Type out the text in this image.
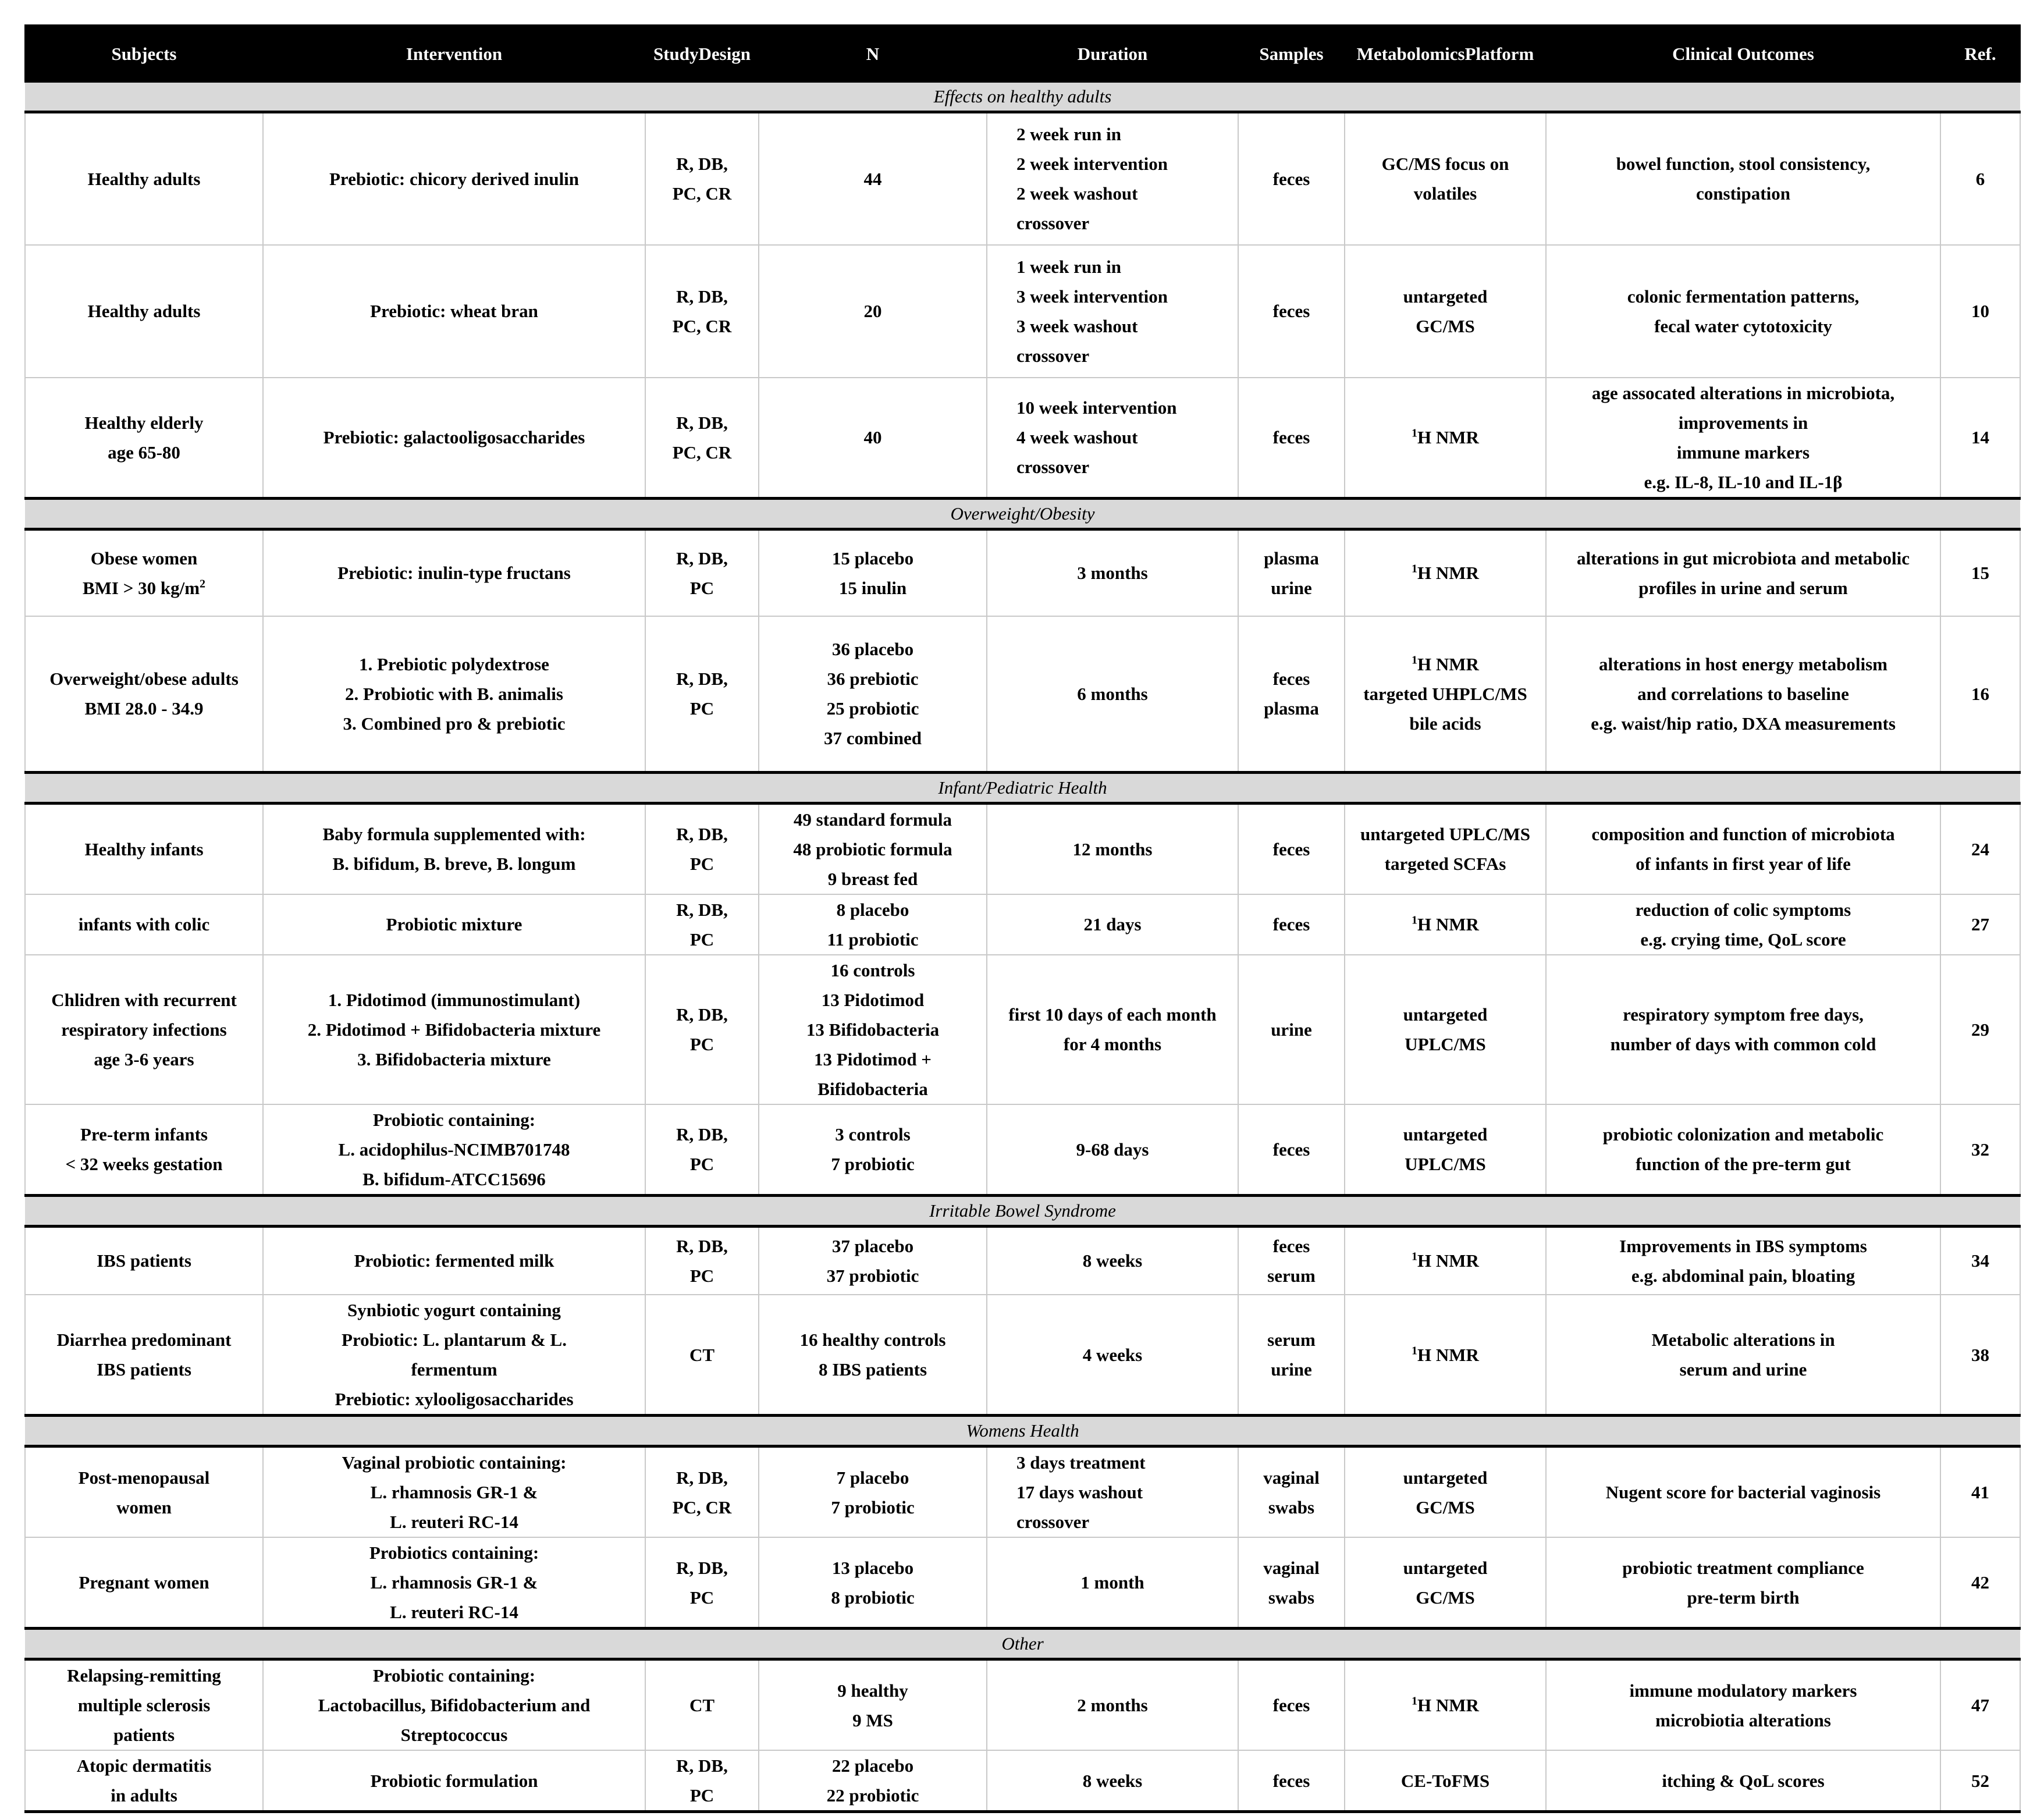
Subjects	Intervention	StudyDesign	N	Duration	Samples	MetabolomicsPlatform	Clinical Outcomes	Ref.
Effects on healthy adults								

Healthy adults	Prebiotic: chicory derived inulin	R, DB,
PC, CR	44	2 week run in
2 week intervention
2 week washout
crossover	feces	GC/MS focus on
volatiles	bowel function, stool consistency,
constipation	6

Healthy adults	Prebiotic: wheat bran	R, DB,
PC, CR	20	1 week run in
3 week intervention
3 week washout
crossover	feces	untargeted
GC/MS	colonic fermentation patterns,
fecal water cytotoxicity	10

Healthy elderly
age 65-80	Prebiotic: galactooligosaccharides	R, DB,
PC, CR	40	10 week intervention
4 week washout
crossover	feces	$^1$H NMR	age assocated alterations in microbiota,
improvements in
immune markers
e.g. IL-8, IL-10 and IL-1β	14

Overweight/Obesity								

Obese women
BMI > 30 $kg/m^2$	Prebiotic: inulin-type fructans	R, DB,
PC	15 placebo
15 inulin	3 months	plasma
urine	$^1$H NMR	alterations in gut microbiota and metabolic
profiles in urine and serum	15

Overweight/obese adults
BMI 28.0 - 34.9	1. Prebiotic polydextrose
2. Probiotic with B. animalis
3. Combined pro & prebiotic	R, DB,
PC	36 placebo
36 prebiotic
25 probiotic
37 combined	6 months	feces
plasma	$^1$H NMR
targeted UHPLC/MS
bile acids	alterations in host energy metabolism
and correlations to baseline
e.g. waist/hip ratio, DXA measurements	16

Infant/Pediatric Health								

Healthy infants	Baby formula supplemented with:
B. bifidum, B. breve, B. longum	R, DB,
PC	49 standard formula
48 probiotic formula
9 breast fed	12 months	feces	untargeted UPLC/MS
targeted SCFAs	composition and function of microbiota
of infants in first year of life	24

infants with colic	Probiotic mixture	R, DB,
PC	8 placebo
11 probiotic	21 days	feces	$^1$H NMR	reduction of colic symptoms
e.g. crying time, QoL score	27

Chlidren with recurrent
respiratory infections
age 3-6 years	1. Pidotimod (immunostimulant)
2. Pidotimod + Bifidobacteria mixture
3. Bifidobacteria mixture	R, DB,
PC	16 controls
13 Pidotimod
13 Bifidobacteria
13 Pidotimod +
Bifidobacteria	first 10 days of each month
for 4 months	urine	untargeted
UPLC/MS	respiratory symptom free days,
number of days with common cold	29

Pre-term infants
< 32 weeks gestation	Probiotic containing:
L. acidophilus-NCIMB701748
B. bifidum-ATCC15696	R, DB,
PC	3 controls
7 probiotic	9-68 days	feces	untargeted
UPLC/MS	probiotic colonization and metabolic
function of the pre-term gut	32

Irritable Bowel Syndrome								

IBS patients	Probiotic: fermented milk	R, DB,
PC	37 placebo
37 probiotic	8 weeks	feces
serum	$^1$H NMR	Improvements in IBS symptoms
e.g. abdominal pain, bloating	34

Diarrhea predominant
IBS patients	Synbiotic yogurt containing
Probiotic: L. plantarum & L.
fermentum
Prebiotic: xylooligosaccharides	CT	16 healthy controls
8 IBS patients	4 weeks	serum
urine	$^1$H NMR	Metabolic alterations in
serum and urine	38

Womens Health								

Post-menopausal
women	Vaginal probiotic containing:
L. rhamnosis GR-1 &
L. reuteri RC-14	R, DB,
PC, CR	7 placebo
7 probiotic	3 days treatment
17 days washout
crossover	vaginal
swabs	untargeted
GC/MS	Nugent score for bacterial vaginosis	41

Pregnant women	Probiotics containing:
L. rhamnosis GR-1 &
L. reuteri RC-14	R, DB,
PC	13 placebo
8 probiotic	1 month	vaginal
swabs	untargeted
GC/MS	probiotic treatment compliance
pre-term birth	42

Other								

Relapsing-remitting
multiple sclerosis
patients	Probiotic containing:
Lactobacillus, Bifidobacterium and
Streptococcus	CT	9 healthy
9 MS	2 months	feces	$^1$H NMR	immune modulatory markers
microbiotia alterations	47

Atopic dermatitis
in adults	Probiotic formulation	R, DB,
PC	22 placebo
22 probiotic	8 weeks	feces	CE-ToFMS	itching & QoL scores	52
